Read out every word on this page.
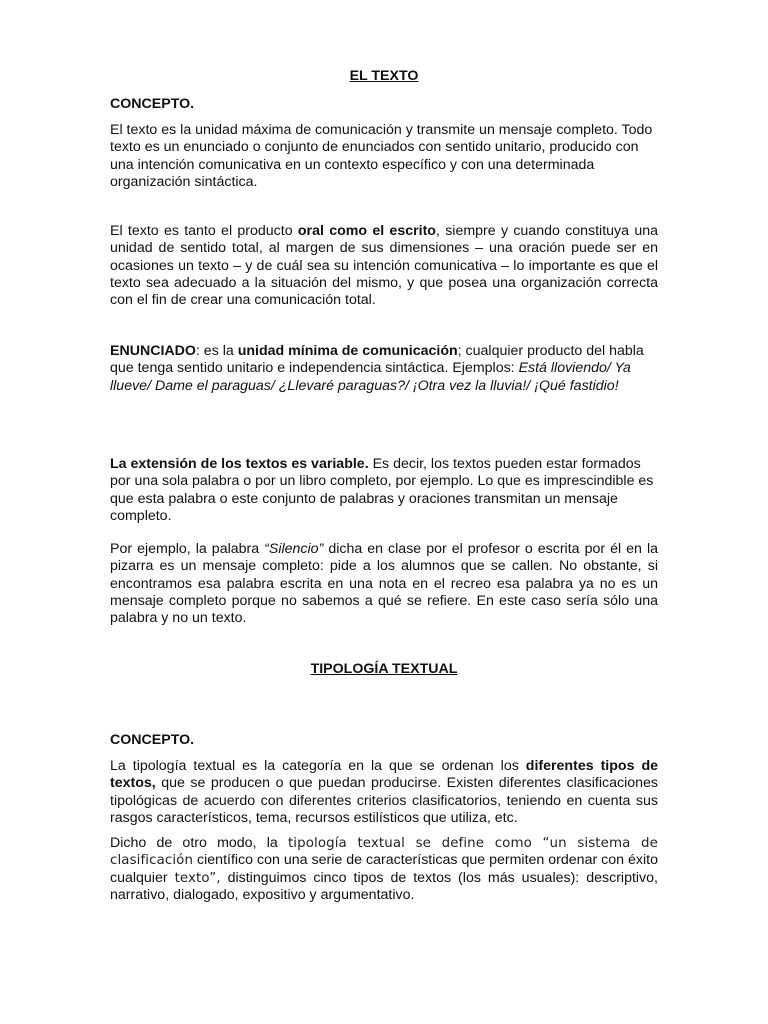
EL TEXTO
CONCEPTO.

El texto es la unidad máxima de comunicación y transmite un mensaje completo. Todo texto es un enunciado o conjunto de enunciados con sentido unitario, producido con una intención comunicativa en un contexto específico y con una determinada organización sintáctica.

El texto es tanto el producto oral como el escrito, siempre y cuando constituya una unidad de sentido total, al margen de sus dimensiones – una oración puede ser en ocasiones un texto – y de cuál sea su intención comunicativa – lo importante es que el texto sea adecuado a la situación del mismo, y que posea una organización correcta con el fin de crear una comunicación total.

ENUNCIADO: es la unidad mínima de comunicación; cualquier producto del habla que tenga sentido unitario e independencia sintáctica. Ejemplos: Está lloviendo/ Ya llueve/ Dame el paraguas/ ¿Llevaré paraguas?/ ¡Otra vez la lluvia!/ ¡Qué fastidio!

La extensión de los textos es variable. Es decir, los textos pueden estar formados por una sola palabra o por un libro completo, por ejemplo. Lo que es imprescindible es que esta palabra o este conjunto de palabras y oraciones transmitan un mensaje completo.

Por ejemplo, la palabra “Silencio” dicha en clase por el profesor o escrita por él en la pizarra es un mensaje completo: pide a los alumnos que se callen. No obstante, si encontramos esa palabra escrita en una nota en el recreo esa palabra ya no es un mensaje completo porque no sabemos a qué se refiere. En este caso sería sólo una palabra y no un texto.

TIPOLOGÍA TEXTUAL
CONCEPTO.

La tipología textual es la categoría en la que se ordenan los diferentes tipos de textos, que se producen o que puedan producirse. Existen diferentes clasificaciones tipológicas de acuerdo con diferentes criterios clasificatorios, teniendo en cuenta sus rasgos característicos, tema, recursos estilísticos que utiliza, etc.

Dicho de otro modo, la tipología textual se define como “un sistema de clasificación científico con una serie de características que permiten ordenar con éxito cualquier texto”, distinguimos cinco tipos de textos (los más usuales): descriptivo, narrativo, dialogado, expositivo y argumentativo.
